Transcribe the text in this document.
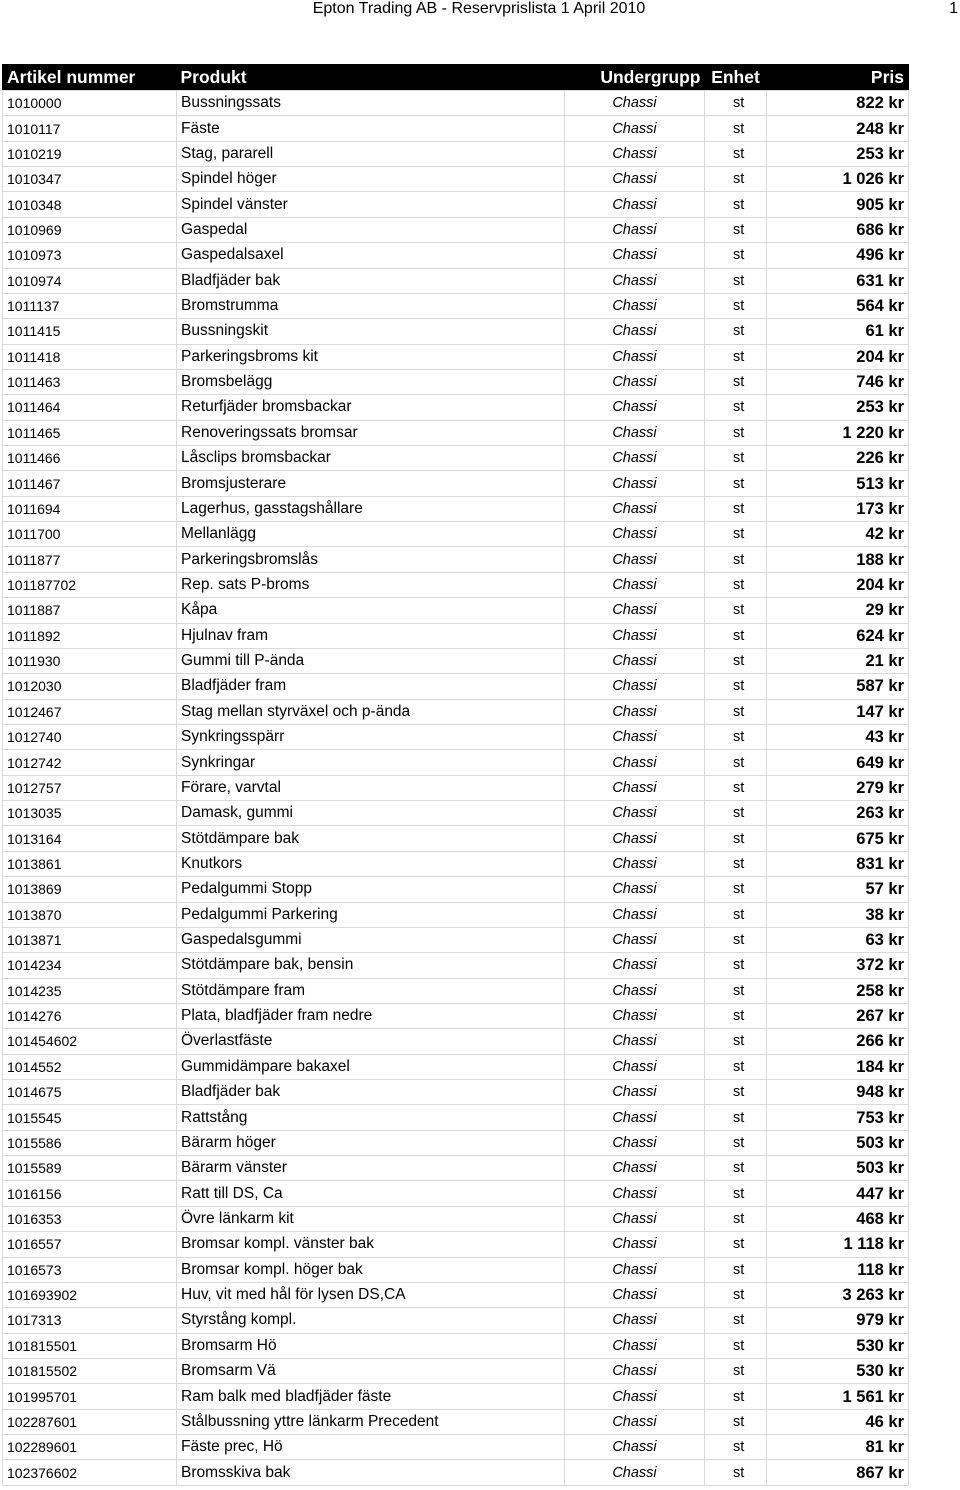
Epton Trading AB - Reservprislista 1 April 2010	1
Artikel nummer	Produkt	Undergrupp	Enhet	Pris
1010000	Bussningssats	Chassi	st	822 kr
1010117	Fäste	Chassi	st	248 kr
1010219	Stag, pararell	Chassi	st	253 kr
1010347	Spindel höger	Chassi	st	1 026 kr
1010348	Spindel vänster	Chassi	st	905 kr
1010969	Gaspedal	Chassi	st	686 kr
1010973	Gaspedalsaxel	Chassi	st	496 kr
1010974	Bladfjäder bak	Chassi	st	631 kr
1011137	Bromstrumma	Chassi	st	564 kr
1011415	Bussningskit	Chassi	st	61 kr
1011418	Parkeringsbroms kit	Chassi	st	204 kr
1011463	Bromsbelägg	Chassi	st	746 kr
1011464	Returfjäder bromsbackar	Chassi	st	253 kr
1011465	Renoveringssats bromsar	Chassi	st	1 220 kr
1011466	Låsclips bromsbackar	Chassi	st	226 kr
1011467	Bromsjusterare	Chassi	st	513 kr
1011694	Lagerhus, gasstagshållare	Chassi	st	173 kr
1011700	Mellanlägg	Chassi	st	42 kr
1011877	Parkeringsbromslås	Chassi	st	188 kr
101187702	Rep. sats P-broms	Chassi	st	204 kr
1011887	Kåpa	Chassi	st	29 kr
1011892	Hjulnav fram	Chassi	st	624 kr
1011930	Gummi till P-ända	Chassi	st	21 kr
1012030	Bladfjäder fram	Chassi	st	587 kr
1012467	Stag mellan styrväxel och p-ända	Chassi	st	147 kr
1012740	Synkringsspärr	Chassi	st	43 kr
1012742	Synkringar	Chassi	st	649 kr
1012757	Förare, varvtal	Chassi	st	279 kr
1013035	Damask, gummi	Chassi	st	263 kr
1013164	Stötdämpare bak	Chassi	st	675 kr
1013861	Knutkors	Chassi	st	831 kr
1013869	Pedalgummi Stopp	Chassi	st	57 kr
1013870	Pedalgummi Parkering	Chassi	st	38 kr
1013871	Gaspedalsgummi	Chassi	st	63 kr
1014234	Stötdämpare bak, bensin	Chassi	st	372 kr
1014235	Stötdämpare fram	Chassi	st	258 kr
1014276	Plata, bladfjäder fram nedre	Chassi	st	267 kr
101454602	Överlastfäste	Chassi	st	266 kr
1014552	Gummidämpare bakaxel	Chassi	st	184 kr
1014675	Bladfjäder bak	Chassi	st	948 kr
1015545	Rattstång	Chassi	st	753 kr
1015586	Bärarm höger	Chassi	st	503 kr
1015589	Bärarm vänster	Chassi	st	503 kr
1016156	Ratt till DS, Ca	Chassi	st	447 kr
1016353	Övre länkarm kit	Chassi	st	468 kr
1016557	Bromsar kompl. vänster bak	Chassi	st	1 118 kr
1016573	Bromsar kompl. höger bak	Chassi	st	118 kr
101693902	Huv, vit med hål för lysen DS,CA	Chassi	st	3 263 kr
1017313	Styrstång kompl.	Chassi	st	979 kr
101815501	Bromsarm Hö	Chassi	st	530 kr
101815502	Bromsarm Vä	Chassi	st	530 kr
101995701	Ram balk med bladfjäder fäste	Chassi	st	1 561 kr
102287601	Stålbussning yttre länkarm Precedent	Chassi	st	46 kr
102289601	Fäste prec, Hö	Chassi	st	81 kr
102376602	Bromsskiva bak	Chassi	st	867 kr
